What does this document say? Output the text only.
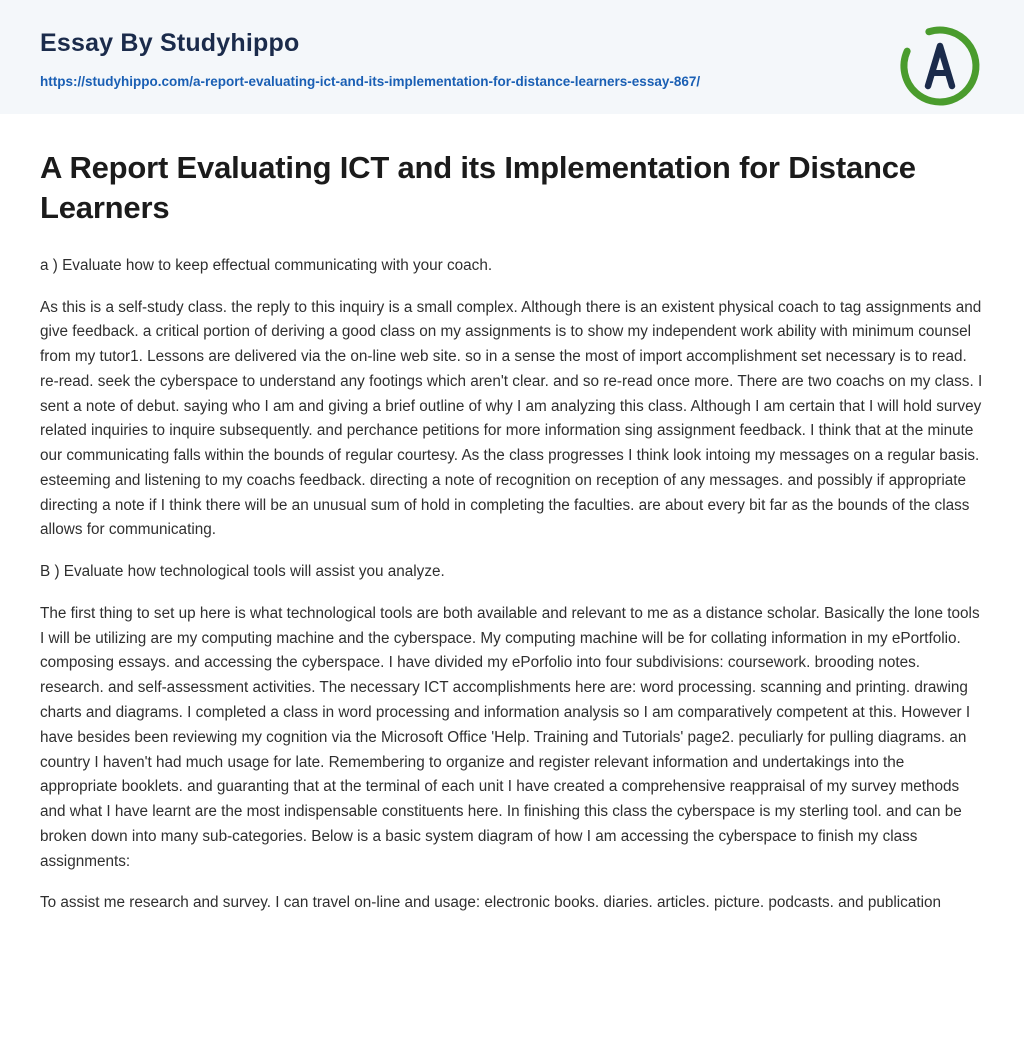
Essay By Studyhippo
https://studyhippo.com/a-report-evaluating-ict-and-its-implementation-for-distance-learners-essay-867/
A Report Evaluating ICT and its Implementation for Distance Learners

a ) Evaluate how to keep effectual communicating with your coach.

As this is a self-study class. the reply to this inquiry is a small complex. Although there is an existent physical coach to tag assignments and give feedback. a critical portion of deriving a good class on my assignments is to show my independent work ability with minimum counsel from my tutor1. Lessons are delivered via the on-line web site. so in a sense the most of import accomplishment set necessary is to read. re-read. seek the cyberspace to understand any footings which aren't clear. and so re-read once more. There are two coachs on my class. I sent a note of debut. saying who I am and giving a brief outline of why I am analyzing this class. Although I am certain that I will hold survey related inquiries to inquire subsequently. and perchance petitions for more information sing assignment feedback. I think that at the minute our communicating falls within the bounds of regular courtesy. As the class progresses I think look intoing my messages on a regular basis. esteeming and listening to my coachs feedback. directing a note of recognition on reception of any messages. and possibly if appropriate directing a note if I think there will be an unusual sum of hold in completing the faculties. are about every bit far as the bounds of the class allows for communicating.

B ) Evaluate how technological tools will assist you analyze.

The first thing to set up here is what technological tools are both available and relevant to me as a distance scholar. Basically the lone tools I will be utilizing are my computing machine and the cyberspace. My computing machine will be for collating information in my ePortfolio. composing essays. and accessing the cyberspace. I have divided my ePorfolio into four subdivisions: coursework. brooding notes. research. and self-assessment activities. The necessary ICT accomplishments here are: word processing. scanning and printing. drawing charts and diagrams. I completed a class in word processing and information analysis so I am comparatively competent at this. However I have besides been reviewing my cognition via the Microsoft Office 'Help. Training and Tutorials' page2. peculiarly for pulling diagrams. an country I haven't had much usage for late. Remembering to organize and register relevant information and undertakings into the appropriate booklets. and guaranting that at the terminal of each unit I have created a comprehensive reappraisal of my survey methods and what I have learnt are the most indispensable constituents here. In finishing this class the cyberspace is my sterling tool. and can be broken down into many sub-categories. Below is a basic system diagram of how I am accessing the cyberspace to finish my class assignments:

To assist me research and survey. I can travel on-line and usage: electronic books. diaries. articles. picture. podcasts. and publication
